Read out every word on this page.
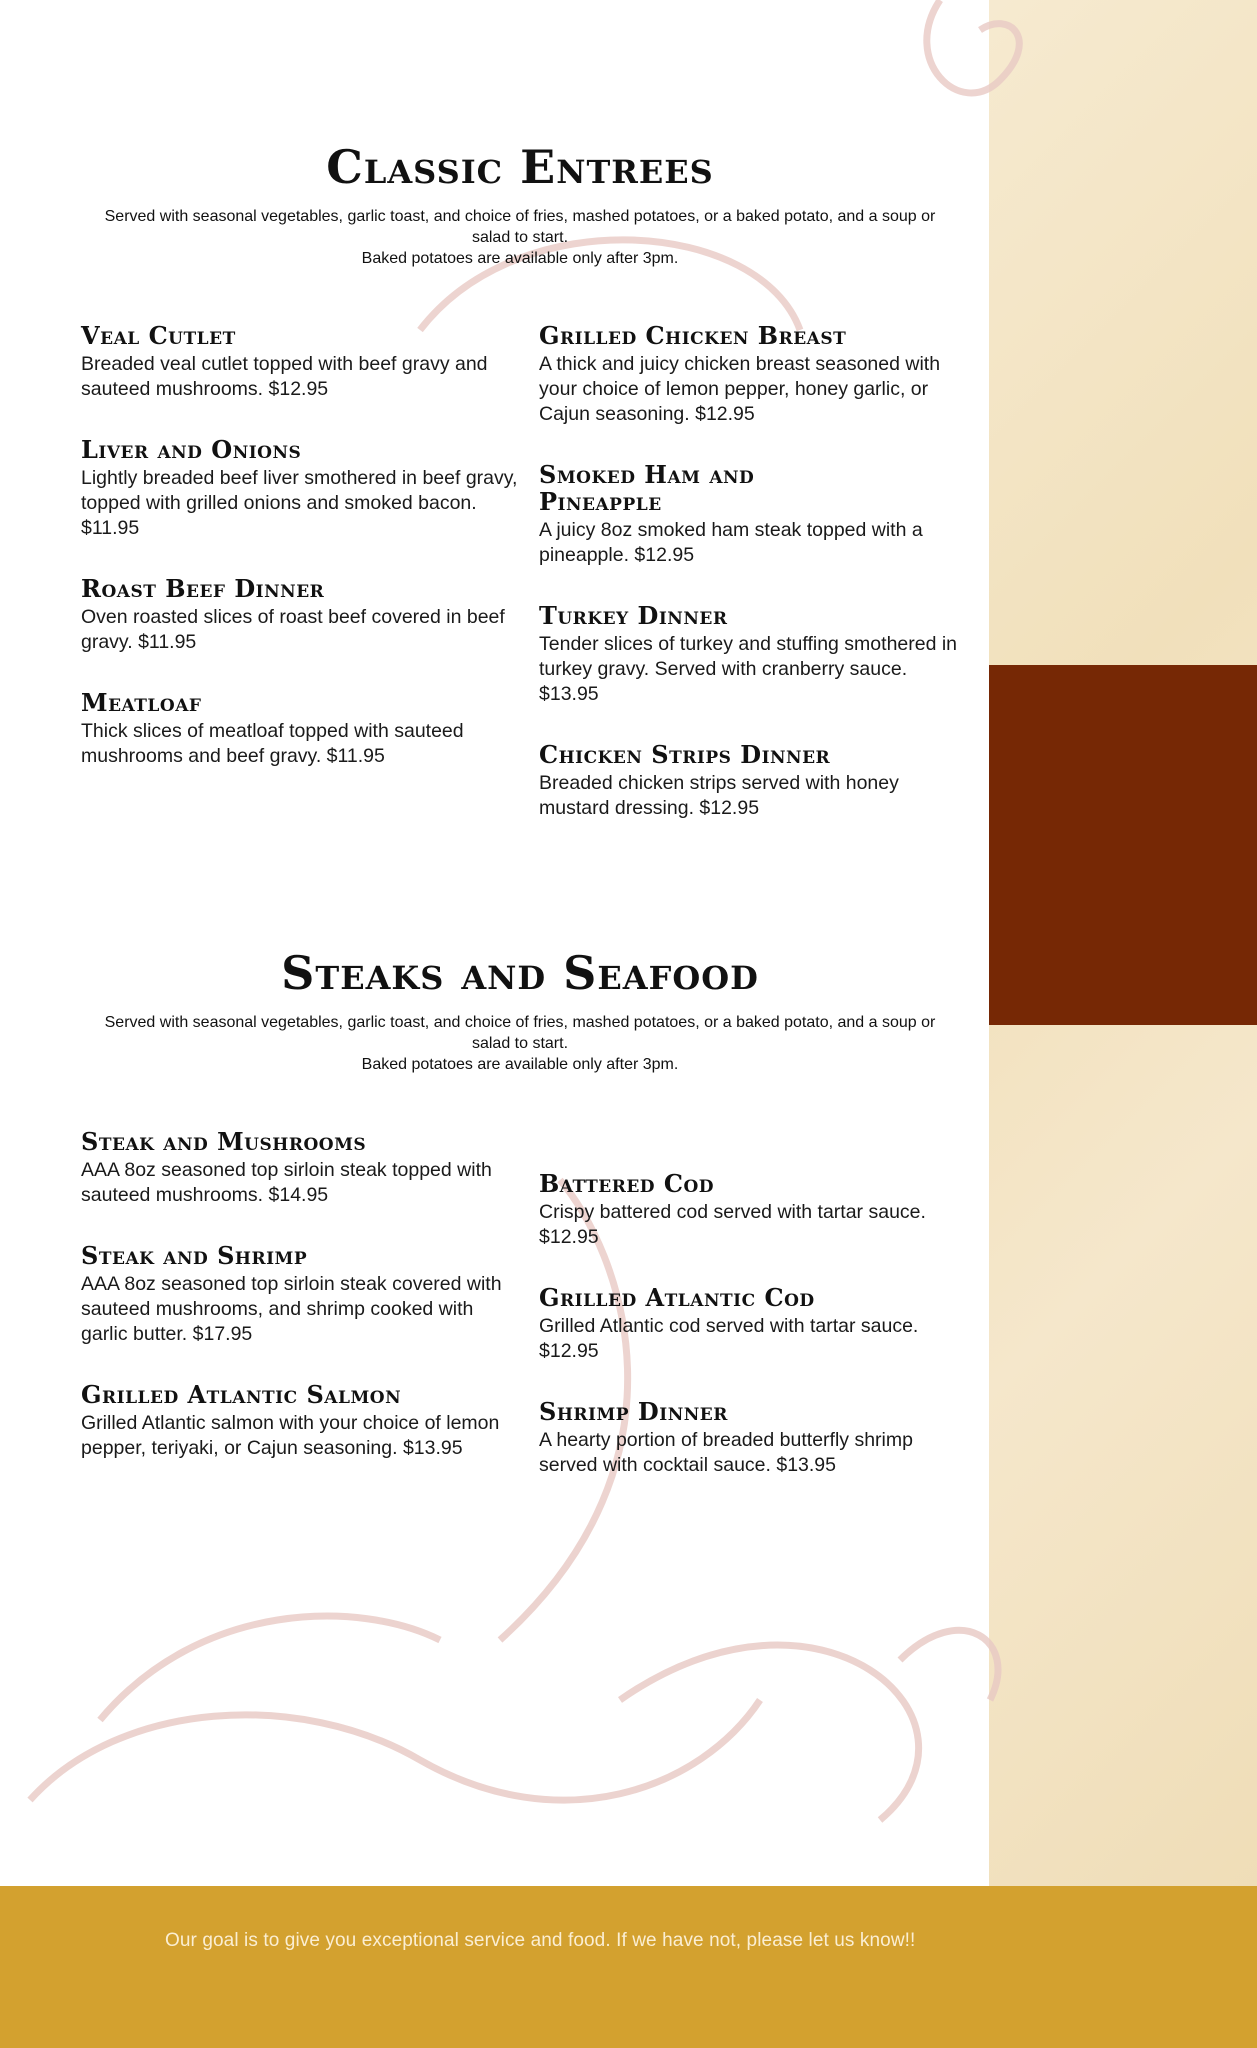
Classic Entrees
Served with seasonal vegetables, garlic toast, and choice of fries, mashed potatoes, or a baked potato, and a soup or salad to start.
Baked potatoes are available only after 3pm.
Veal Cutlet
Breaded veal cutlet topped with beef gravy and sauteed mushrooms. $12.95
Liver and Onions
Lightly breaded beef liver smothered in beef gravy, topped with grilled onions and smoked bacon. $11.95
Roast Beef Dinner
Oven roasted slices of roast beef covered in beef gravy. $11.95
Meatloaf
Thick slices of meatloaf topped with sauteed mushrooms and beef gravy. $11.95
Grilled Chicken Breast
A thick and juicy chicken breast seasoned with your choice of lemon pepper, honey garlic, or Cajun seasoning. $12.95
Smoked Ham and Pineapple
A juicy 8oz smoked ham steak topped with a pineapple. $12.95
Turkey Dinner
Tender slices of turkey and stuffing smothered in turkey gravy. Served with cranberry sauce. $13.95
Chicken Strips Dinner
Breaded chicken strips served with honey mustard dressing. $12.95
Steaks and Seafood
Served with seasonal vegetables, garlic toast, and choice of fries, mashed potatoes, or a baked potato, and a soup or salad to start.
Baked potatoes are available only after 3pm.
Steak and Mushrooms
AAA 8oz seasoned top sirloin steak topped with sauteed mushrooms. $14.95
Steak and Shrimp
AAA 8oz seasoned top sirloin steak covered with sauteed mushrooms, and shrimp cooked with garlic butter. $17.95
Grilled Atlantic Salmon
Grilled Atlantic salmon with your choice of lemon pepper, teriyaki, or Cajun seasoning. $13.95
Battered Cod
Crispy battered cod served with tartar sauce. $12.95
Grilled Atlantic Cod
Grilled Atlantic cod served with tartar sauce. $12.95
Shrimp Dinner
A hearty portion of breaded butterfly shrimp served with cocktail sauce. $13.95
Our goal is to give you exceptional service and food. If we have not, please let us know!!
